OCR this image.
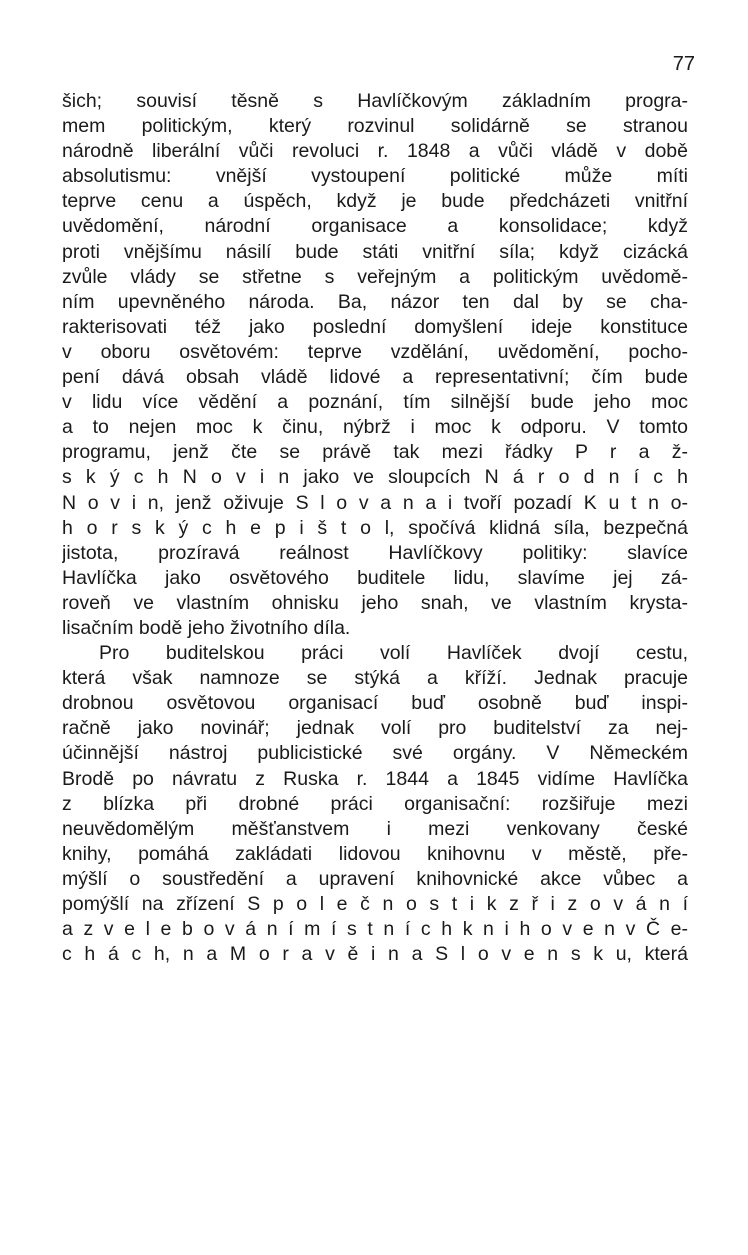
77
šich; souvisí těsně s Havlíčkovým základním progra-
mem politickým, který rozvinul solidárně se stranou
národně liberální vůči revoluci r. 1848 a vůči vládě v době
absolutismu: vnější vystoupení politické může míti
teprve cenu a úspěch, když je bude předcházeti vnitřní
uvědomění, národní organisace a konsolidace; když
proti vnějšímu násilí bude státi vnitřní síla; když cizácká
zvůle vlády se střetne s veřejným a politickým uvědomě-
ním upevněného národa. Ba, názor ten dal by se cha-
rakterisovati též jako poslední domyšlení ideje konstituce
v oboru osvětovém: teprve vzdělání, uvědomění, pocho-
pení dává obsah vládě lidové a representativní; čím bude
v lidu více vědění a poznání, tím silnější bude jeho moc
a to nejen moc k činu, nýbrž i moc k odporu. V tomto
programu, jenž čte se právě tak mezi řádky P r a ž-
s k ý c h N o v i n jako ve sloupcích N á r o d n í c h
N o v i n, jenž oživuje S l o v a n a i tvoří pozadí K u t n o-
h o r s k ý c h e p i š t o l, spočívá klidná síla, bezpečná
jistota, prozíravá reálnost Havlíčkovy politiky: slavíce
Havlíčka jako osvětového buditele lidu, slavíme jej zá-
roveň ve vlastním ohnisku jeho snah, ve vlastním krysta-
lisačním bodě jeho životního díla.
Pro buditelskou práci volí Havlíček dvojí cestu,
která však namnoze se stýká a kříží. Jednak pracuje
drobnou osvětovou organisací buď osobně buď inspi-
račně jako novinář; jednak volí pro buditelství za nej-
účinnější nástroj publicistické své orgány. V Německém
Brodě po návratu z Ruska r. 1844 a 1845 vidíme Havlíčka
z blízka při drobné práci organisační: rozšiřuje mezi
neuvědomělým měšťanstvem i mezi venkovany české
knihy, pomáhá zakládati lidovou knihovnu v městě, pře-
mýšlí o soustředění a upravení knihovnické akce vůbec a
pomýšlí na zřízení S p o l e č n o s t i k z ř i z o v á n í
a z v e l e b o v á n í m í s t n í c h k n i h o v e n v Č e-
c h á c h, n a M o r a v ě i n a S l o v e n s k u, která
